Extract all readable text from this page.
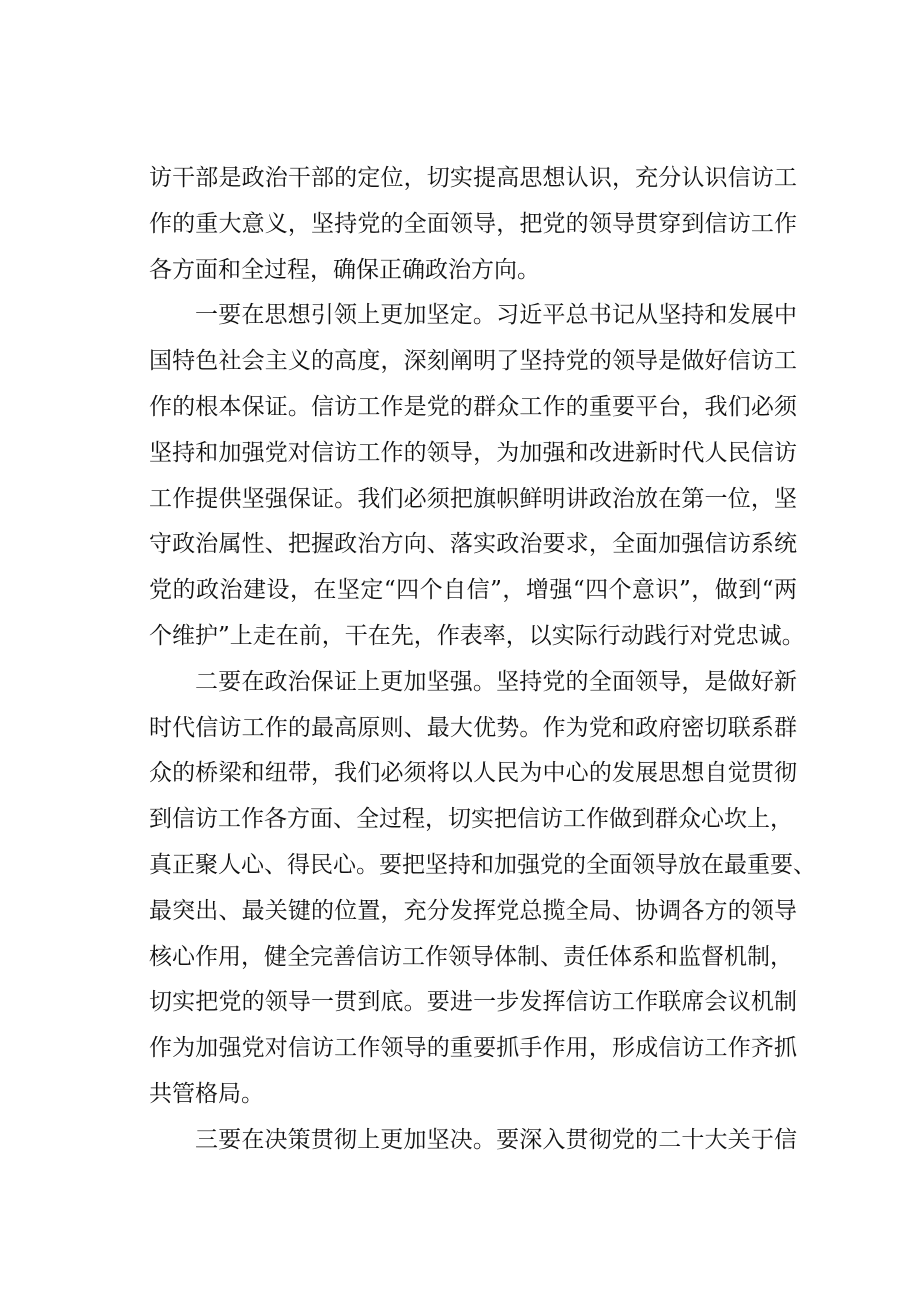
访干部是政治干部的定位，切实提高思想认识，充分认识信访工
作的重大意义，坚持党的全面领导，把党的领导贯穿到信访工作
各方面和全过程，确保正确政治方向。
一要在思想引领上更加坚定。习近平总书记从坚持和发展中
国特色社会主义的高度，深刻阐明了坚持党的领导是做好信访工
作的根本保证。信访工作是党的群众工作的重要平台，我们必须
坚持和加强党对信访工作的领导，为加强和改进新时代人民信访
工作提供坚强保证。我们必须把旗帜鲜明讲政治放在第一位，坚
守政治属性、把握政治方向、落实政治要求，全面加强信访系统
党的政治建设，在坚定“四个自信”，增强“四个意识”，做到“两
个维护”上走在前，干在先，作表率，以实际行动践行对党忠诚。
二要在政治保证上更加坚强。坚持党的全面领导，是做好新
时代信访工作的最高原则、最大优势。作为党和政府密切联系群
众的桥梁和纽带，我们必须将以人民为中心的发展思想自觉贯彻
到信访工作各方面、全过程，切实把信访工作做到群众心坎上，
真正聚人心、得民心。要把坚持和加强党的全面领导放在最重要、
最突出、最关键的位置，充分发挥党总揽全局、协调各方的领导
核心作用，健全完善信访工作领导体制、责任体系和监督机制，
切实把党的领导一贯到底。要进一步发挥信访工作联席会议机制
作为加强党对信访工作领导的重要抓手作用，形成信访工作齐抓
共管格局。
三要在决策贯彻上更加坚决。要深入贯彻党的二十大关于信
